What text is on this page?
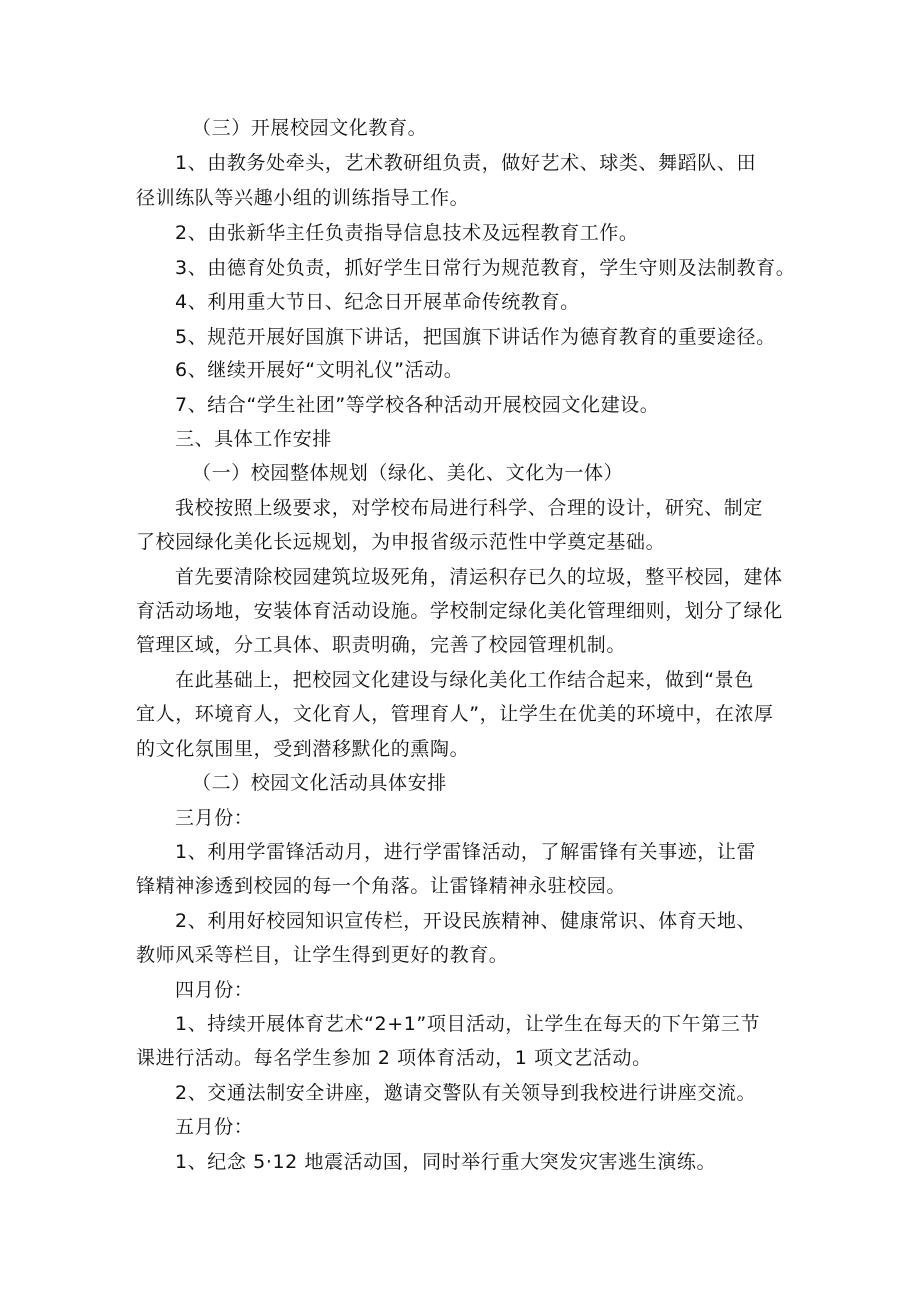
（三）开展校园文化教育。
1、由教务处牵头，艺术教研组负责，做好艺术、球类、舞蹈队、田
径训练队等兴趣小组的训练指导工作。
2、由张新华主任负责指导信息技术及远程教育工作。
3、由德育处负责，抓好学生日常行为规范教育，学生守则及法制教育。
4、利用重大节日、纪念日开展革命传统教育。
5、规范开展好国旗下讲话，把国旗下讲话作为德育教育的重要途径。
6、继续开展好“文明礼仪”活动。
7、结合“学生社团”等学校各种活动开展校园文化建设。
三、具体工作安排
（一）校园整体规划（绿化、美化、文化为一体）
我校按照上级要求，对学校布局进行科学、合理的设计，研究、制定
了校园绿化美化长远规划，为申报省级示范性中学奠定基础。
首先要清除校园建筑垃圾死角，清运积存已久的垃圾，整平校园，建体
育活动场地，安装体育活动设施。学校制定绿化美化管理细则，划分了绿化
管理区域，分工具体、职责明确，完善了校园管理机制。
在此基础上，把校园文化建设与绿化美化工作结合起来，做到“景色
宜人，环境育人，文化育人，管理育人”，让学生在优美的环境中，在浓厚
的文化氛围里，受到潜移默化的熏陶。
（二）校园文化活动具体安排
三月份：
1、利用学雷锋活动月，进行学雷锋活动，了解雷锋有关事迹，让雷
锋精神渗透到校园的每一个角落。让雷锋精神永驻校园。
2、利用好校园知识宣传栏，开设民族精神、健康常识、体育天地、
教师风采等栏目，让学生得到更好的教育。
四月份：
1、持续开展体育艺术“2+1”项目活动，让学生在每天的下午第三节
课进行活动。每名学生参加 2 项体育活动，1 项文艺活动。
2、交通法制安全讲座，邀请交警队有关领导到我校进行讲座交流。
五月份：
1、纪念 5·12 地震活动国，同时举行重大突发灾害逃生演练。
